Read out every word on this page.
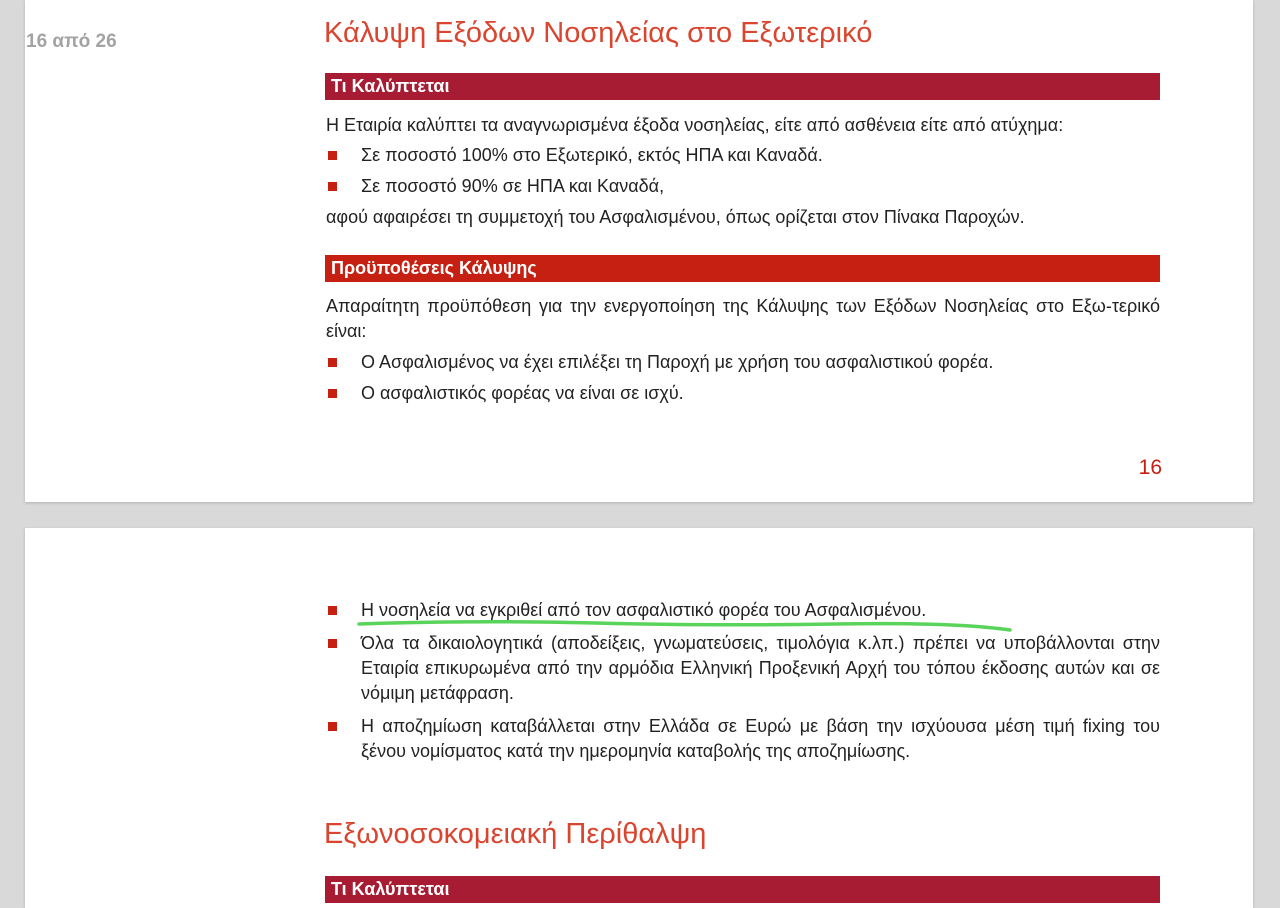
16 από 26	Κάλυψη Εξόδων Νοσηλείας στο Εξωτερικό
Τι Καλύπτεται
Η Εταιρία καλύπτει τα αναγνωρισμένα έξοδα νοσηλείας, είτε από ασθένεια είτε από ατύχημα:
Σε ποσοστό 100% στο Εξωτερικό, εκτός ΗΠΑ και Καναδά.
Σε ποσοστό 90% σε ΗΠΑ και Καναδά,
αφού αφαιρέσει τη συμμετοχή του Ασφαλισμένου, όπως ορίζεται στον Πίνακα Παροχών.
Προϋποθέσεις Κάλυψης
Απαραίτητη προϋπόθεση για την ενεργοποίηση της Κάλυψης των Εξόδων Νοσηλείας στο Εξω-τερικό είναι:
Ο Ασφαλισμένος να έχει επιλέξει τη Παροχή με χρήση του ασφαλιστικού φορέα.
Ο ασφαλιστικός φορέας να είναι σε ισχύ.
16
Η νοσηλεία να εγκριθεί από τον ασφαλιστικό φορέα του Ασφαλισμένου.
Όλα τα δικαιολογητικά (αποδείξεις, γνωματεύσεις, τιμολόγια κ.λπ.) πρέπει να υποβάλλονται στην Εταιρία επικυρωμένα από την αρμόδια Ελληνική Προξενική Αρχή του τόπου έκδοσης αυτών και σε νόμιμη μετάφραση.
Η αποζημίωση καταβάλλεται στην Ελλάδα σε Ευρώ με βάση την ισχύουσα μέση τιμή fixing του ξένου νομίσματος κατά την ημερομηνία καταβολής της αποζημίωσης.
Εξωνοσοκομειακή Περίθαλψη
Τι Καλύπτεται
